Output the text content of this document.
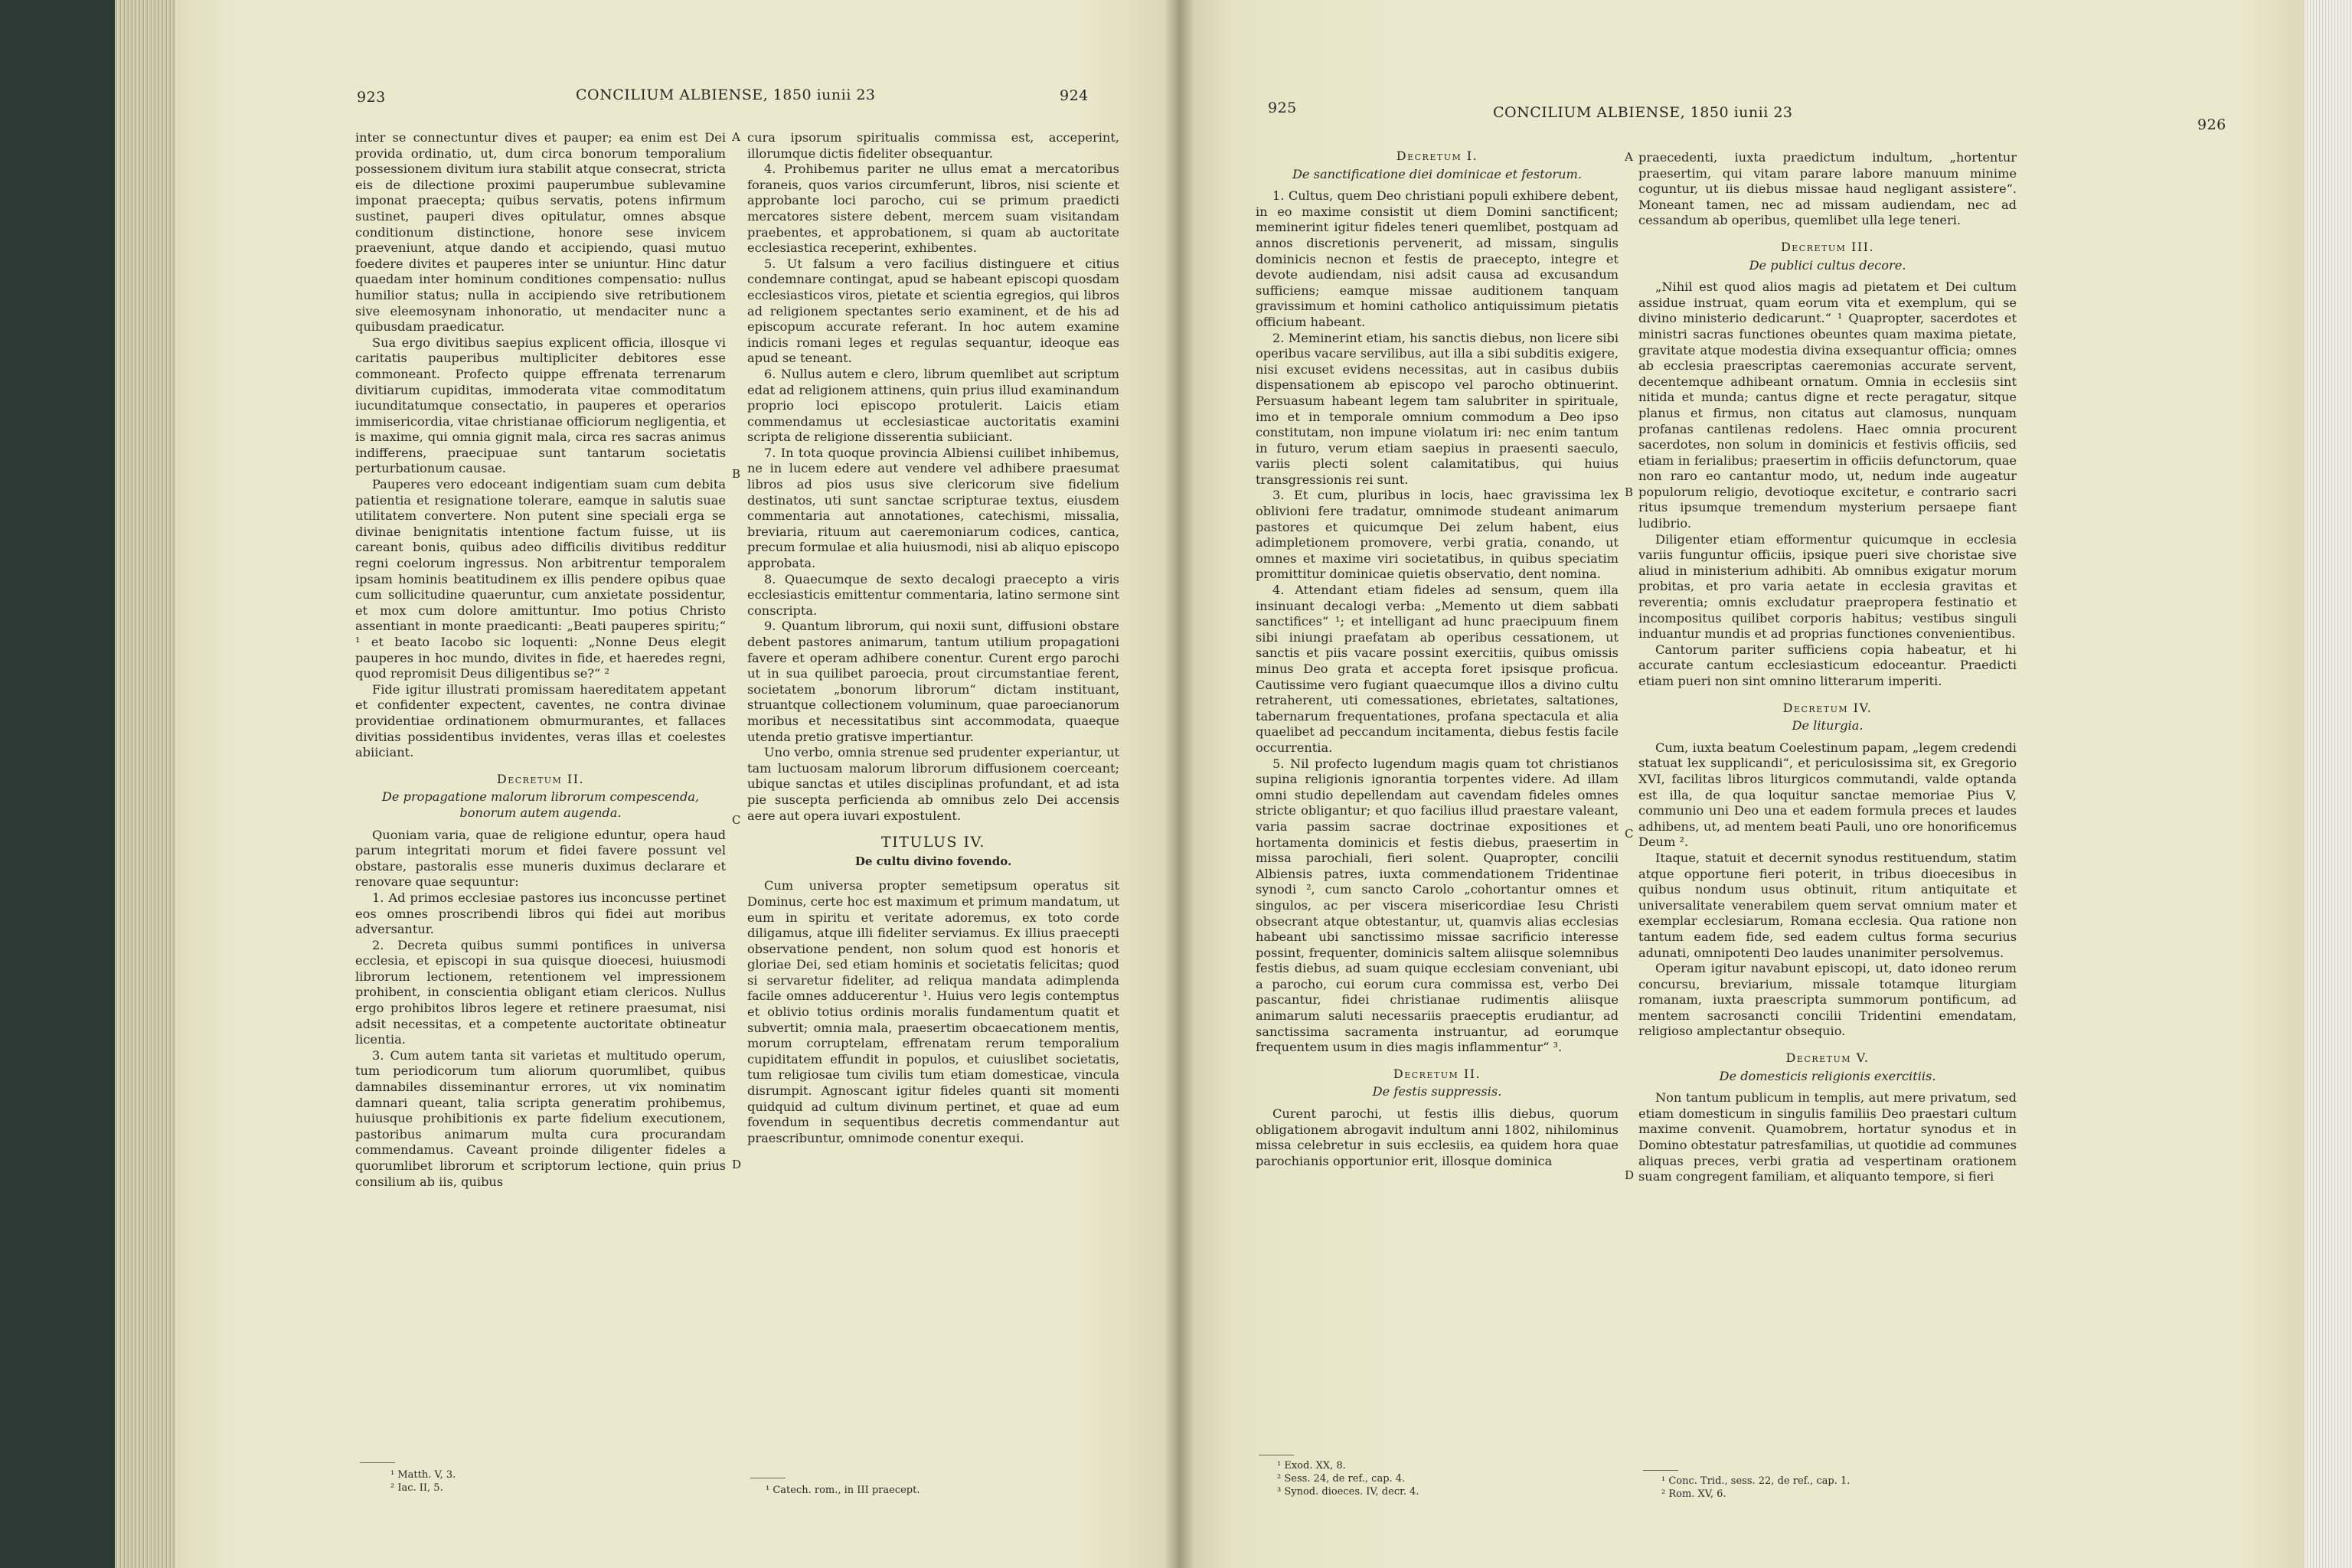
923	CONCILIUM ALBIENSE, 1850 iunii 23	924
925	CONCILIUM ALBIENSE, 1850 iunii 23
926
A
B
C
D
A
B
C
D

inter se connectuntur dives et pauper; ea enim est Dei provida ordinatio, ut, dum circa bonorum temporalium possessionem divitum iura stabilit atque consecrat, stricta eis de dilectione proximi pauperumbue sublevamine imponat praecepta; quibus servatis, potens infirmum sustinet, pauperi dives opitulatur, omnes absque conditionum distinctione, honore sese invicem praeveniunt, atque dando et accipiendo, quasi mutuo foedere divites et pauperes inter se uniuntur. Hinc datur quaedam inter hominum conditiones compensatio: nullus humilior status; nulla in accipiendo sive retributionem sive eleemosynam inhonoratio, ut mendaciter nunc a quibusdam praedicatur.

Sua ergo divitibus saepius explicent officia, illosque vi caritatis pauperibus multipliciter debitores esse commoneant. Profecto quippe effrenata terrenarum divitiarum cupiditas, immoderata vitae commoditatum iucunditatumque consectatio, in pauperes et operarios immisericordia, vitae christianae officiorum negligentia, et is maxime, qui omnia gignit mala, circa res sacras animus indifferens, praecipuae sunt tantarum societatis perturbationum causae.

Pauperes vero edoceant indigentiam suam cum debita patientia et resignatione tolerare, eamque in salutis suae utilitatem convertere. Non putent sine speciali erga se divinae benignitatis intentione factum fuisse, ut iis careant bonis, quibus adeo difficilis divitibus redditur regni coelorum ingressus. Non arbitrentur temporalem ipsam hominis beatitudinem ex illis pendere opibus quae cum sollicitudine quaeruntur, cum anxietate possidentur, et mox cum dolore amittuntur. Imo potius Christo assentiant in monte praedicanti: „Beati pauperes spiritu;“ ¹ et beato Iacobo sic loquenti: „Nonne Deus elegit pauperes in hoc mundo, divites in fide, et haeredes regni, quod repromisit Deus diligentibus se?“ ²

Fide igitur illustrati promissam haereditatem appetant et confidenter expectent, caventes, ne contra divinae providentiae ordinationem obmurmurantes, et fallaces divitias possidentibus invidentes, veras illas et coelestes abiiciant.

Decretum II.
De propagatione malorum librorum compescenda, bonorum autem augenda.

Quoniam varia, quae de religione eduntur, opera haud parum integritati morum et fidei favere possunt vel obstare, pastoralis esse muneris duximus declarare et renovare quae sequuntur:

1. Ad primos ecclesiae pastores ius inconcusse pertinet eos omnes proscribendi libros qui fidei aut moribus adversantur.

2. Decreta quibus summi pontifices in universa ecclesia, et episcopi in sua quisque dioecesi, huiusmodi librorum lectionem, retentionem vel impressionem prohibent, in conscientia obligant etiam clericos. Nullus ergo prohibitos libros legere et retinere praesumat, nisi adsit necessitas, et a competente auctoritate obtineatur licentia.

3. Cum autem tanta sit varietas et multitudo operum, tum periodicorum tum aliorum quorumlibet, quibus damnabiles disseminantur errores, ut vix nominatim damnari queant, talia scripta generatim prohibemus, huiusque prohibitionis ex parte fidelium executionem, pastoribus animarum multa cura procurandam commendamus. Caveant proinde diligenter fideles a quorumlibet librorum et scriptorum lectione, quin prius consilium ab iis, quibus

¹ Matth. V, 3.
² Iac. II, 5.

cura ipsorum spiritualis commissa est, acceperint, illorumque dictis fideliter obsequantur.

4. Prohibemus pariter ne ullus emat a mercatoribus foraneis, quos varios circumferunt, libros, nisi sciente et approbante loci parocho, cui se primum praedicti mercatores sistere debent, mercem suam visitandam praebentes, et approbationem, si quam ab auctoritate ecclesiastica receperint, exhibentes.

5. Ut falsum a vero facilius distinguere et citius condemnare contingat, apud se habeant episcopi quosdam ecclesiasticos viros, pietate et scientia egregios, qui libros ad religionem spectantes serio examinent, et de his ad episcopum accurate referant. In hoc autem examine indicis romani leges et regulas sequantur, ideoque eas apud se teneant.

6. Nullus autem e clero, librum quemlibet aut scriptum edat ad religionem attinens, quin prius illud examinandum proprio loci episcopo protulerit. Laicis etiam commendamus ut ecclesiasticae auctoritatis examini scripta de religione disserentia subiiciant.

7. In tota quoque provincia Albiensi cuilibet inhibemus, ne in lucem edere aut vendere vel adhibere praesumat libros ad pios usus sive clericorum sive fidelium destinatos, uti sunt sanctae scripturae textus, eiusdem commentaria aut annotationes, catechismi, missalia, breviaria, rituum aut caeremoniarum codices, cantica, precum formulae et alia huiusmodi, nisi ab aliquo episcopo approbata.

8. Quaecumque de sexto decalogi praecepto a viris ecclesiasticis emittentur commentaria, latino sermone sint conscripta.

9. Quantum librorum, qui noxii sunt, diffusioni obstare debent pastores animarum, tantum utilium propagationi favere et operam adhibere conentur. Curent ergo parochi ut in sua quilibet paroecia, prout circumstantiae ferent, societatem „bonorum librorum“ dictam instituant, struantque collectionem voluminum, quae paroecianorum moribus et necessitatibus sint accommodata, quaeque utenda pretio gratisve impertiantur.

Uno verbo, omnia strenue sed prudenter experiantur, ut tam luctuosam malorum librorum diffusionem coerceant; ubique sanctas et utiles disciplinas profundant, et ad ista pie suscepta perficienda ab omnibus zelo Dei accensis aere aut opera iuvari expostulent.

TITULUS IV.
De cultu divino fovendo.

Cum universa propter semetipsum operatus sit Dominus, certe hoc est maximum et primum mandatum, ut eum in spiritu et veritate adoremus, ex toto corde diligamus, atque illi fideliter serviamus. Ex illius praecepti observatione pendent, non solum quod est honoris et gloriae Dei, sed etiam hominis et societatis felicitas; quod si servaretur fideliter, ad reliqua mandata adimplenda facile omnes adducerentur ¹. Huius vero legis contemptus et oblivio totius ordinis moralis fundamentum quatit et subvertit; omnia mala, praesertim obcaecationem mentis, morum corruptelam, effrenatam rerum temporalium cupiditatem effundit in populos, et cuiuslibet societatis, tum religiosae tum civilis tum etiam domesticae, vincula disrumpit. Agnoscant igitur fideles quanti sit momenti quidquid ad cultum divinum pertinet, et quae ad eum fovendum in sequentibus decretis commendantur aut praescribuntur, omnimode conentur exequi.

¹ Catech. rom., in III praecept.
Decretum I.
De sanctificatione diei dominicae et festorum.

1. Cultus, quem Deo christiani populi exhibere debent, in eo maxime consistit ut diem Domini sanctificent; meminerint igitur fideles teneri quemlibet, postquam ad annos discretionis pervenerit, ad missam, singulis dominicis necnon et festis de praecepto, integre et devote audiendam, nisi adsit causa ad excusandum sufficiens; eamque missae auditionem tanquam gravissimum et homini catholico antiquissimum pietatis officium habeant.

2. Meminerint etiam, his sanctis diebus, non licere sibi operibus vacare servilibus, aut illa a sibi subditis exigere, nisi excuset evidens necessitas, aut in casibus dubiis dispensationem ab episcopo vel parocho obtinuerint. Persuasum habeant legem tam salubriter in spirituale, imo et in temporale omnium commodum a Deo ipso constitutam, non impune violatum iri: nec enim tantum in futuro, verum etiam saepius in praesenti saeculo, variis plecti solent calamitatibus, qui huius transgressionis rei sunt.

3. Et cum, pluribus in locis, haec gravissima lex oblivioni fere tradatur, omnimode studeant animarum pastores et quicumque Dei zelum habent, eius adimpletionem promovere, verbi gratia, conando, ut omnes et maxime viri societatibus, in quibus speciatim promittitur dominicae quietis observatio, dent nomina.

4. Attendant etiam fideles ad sensum, quem illa insinuant decalogi verba: „Memento ut diem sabbati sanctifices“ ¹; et intelligant ad hunc praecipuum finem sibi iniungi praefatam ab operibus cessationem, ut sanctis et piis vacare possint exercitiis, quibus omissis minus Deo grata et accepta foret ipsisque proficua. Cautissime vero fugiant quaecumque illos a divino cultu retraherent, uti comessationes, ebrietates, saltationes, tabernarum frequentationes, profana spectacula et alia quaelibet ad peccandum incitamenta, diebus festis facile occurrentia.

5. Nil profecto lugendum magis quam tot christianos supina religionis ignorantia torpentes videre. Ad illam omni studio depellendam aut cavendam fideles omnes stricte obligantur; et quo facilius illud praestare valeant, varia passim sacrae doctrinae expositiones et hortamenta dominicis et festis diebus, praesertim in missa parochiali, fieri solent. Quapropter, concilii Albiensis patres, iuxta commendationem Tridentinae synodi ², cum sancto Carolo „cohortantur omnes et singulos, ac per viscera misericordiae Iesu Christi obsecrant atque obtestantur, ut, quamvis alias ecclesias habeant ubi sanctissimo missae sacrificio interesse possint, frequenter, dominicis saltem aliisque solemnibus festis diebus, ad suam quique ecclesiam conveniant, ubi a parocho, cui eorum cura commissa est, verbo Dei pascantur, fidei christianae rudimentis aliisque animarum saluti necessariis praeceptis erudiantur, ad sanctissima sacramenta instruantur, ad eorumque frequentem usum in dies magis inflammentur“ ³.

Decretum II.
De festis suppressis.

Curent parochi, ut festis illis diebus, quorum obligationem abrogavit indultum anni 1802, nihilominus missa celebretur in suis ecclesiis, ea quidem hora quae parochianis opportunior erit, illosque dominica

¹ Exod. XX, 8.
² Sess. 24, de ref., cap. 4.
³ Synod. dioeces. IV, decr. 4.

praecedenti, iuxta praedictum indultum, „hortentur praesertim, qui vitam parare labore manuum minime coguntur, ut iis diebus missae haud negligant assistere“. Moneant tamen, nec ad missam audiendam, nec ad cessandum ab operibus, quemlibet ulla lege teneri.

Decretum III.
De publici cultus decore.

„Nihil est quod alios magis ad pietatem et Dei cultum assidue instruat, quam eorum vita et exemplum, qui se divino ministerio dedicarunt.“ ¹ Quapropter, sacerdotes et ministri sacras functiones obeuntes quam maxima pietate, gravitate atque modestia divina exsequantur officia; omnes ab ecclesia praescriptas caeremonias accurate servent, decentemque adhibeant ornatum. Omnia in ecclesiis sint nitida et munda; cantus digne et recte peragatur, sitque planus et firmus, non citatus aut clamosus, nunquam profanas cantilenas redolens. Haec omnia procurent sacerdotes, non solum in dominicis et festivis officiis, sed etiam in ferialibus; praesertim in officiis defunctorum, quae non raro eo cantantur modo, ut, nedum inde augeatur populorum religio, devotioque excitetur, e contrario sacri ritus ipsumque tremendum mysterium persaepe fiant ludibrio.

Diligenter etiam efformentur quicumque in ecclesia variis funguntur officiis, ipsique pueri sive choristae sive aliud in ministerium adhibiti. Ab omnibus exigatur morum probitas, et pro varia aetate in ecclesia gravitas et reverentia; omnis excludatur praepropera festinatio et incompositus quilibet corporis habitus; vestibus singuli induantur mundis et ad proprias functiones convenientibus.

Cantorum pariter sufficiens copia habeatur, et hi accurate cantum ecclesiasticum edoceantur. Praedicti etiam pueri non sint omnino litterarum imperiti.

Decretum IV.
De liturgia.

Cum, iuxta beatum Coelestinum papam, „legem credendi statuat lex supplicandi“, et periculosissima sit, ex Gregorio XVI, facilitas libros liturgicos commutandi, valde optanda est illa, de qua loquitur sanctae memoriae Pius V, communio uni Deo una et eadem formula preces et laudes adhibens, ut, ad mentem beati Pauli, uno ore honorificemus Deum ².

Itaque, statuit et decernit synodus restituendum, statim atque opportune fieri poterit, in tribus dioecesibus in quibus nondum usus obtinuit, ritum antiquitate et universalitate venerabilem quem servat omnium mater et exemplar ecclesiarum, Romana ecclesia. Qua ratione non tantum eadem fide, sed eadem cultus forma securius adunati, omnipotenti Deo laudes unanimiter persolvemus.

Operam igitur navabunt episcopi, ut, dato idoneo rerum concursu, breviarium, missale totamque liturgiam romanam, iuxta praescripta summorum pontificum, ad mentem sacrosancti concilii Tridentini emendatam, religioso amplectantur obsequio.

Decretum V.
De domesticis religionis exercitiis.

Non tantum publicum in templis, aut mere privatum, sed etiam domesticum in singulis familiis Deo praestari cultum maxime convenit. Quamobrem, hortatur synodus et in Domino obtestatur patresfamilias, ut quotidie ad communes aliquas preces, verbi gratia ad vespertinam orationem suam congregent familiam, et aliquanto tempore, si fieri

¹ Conc. Trid., sess. 22, de ref., cap. 1.
² Rom. XV, 6.
